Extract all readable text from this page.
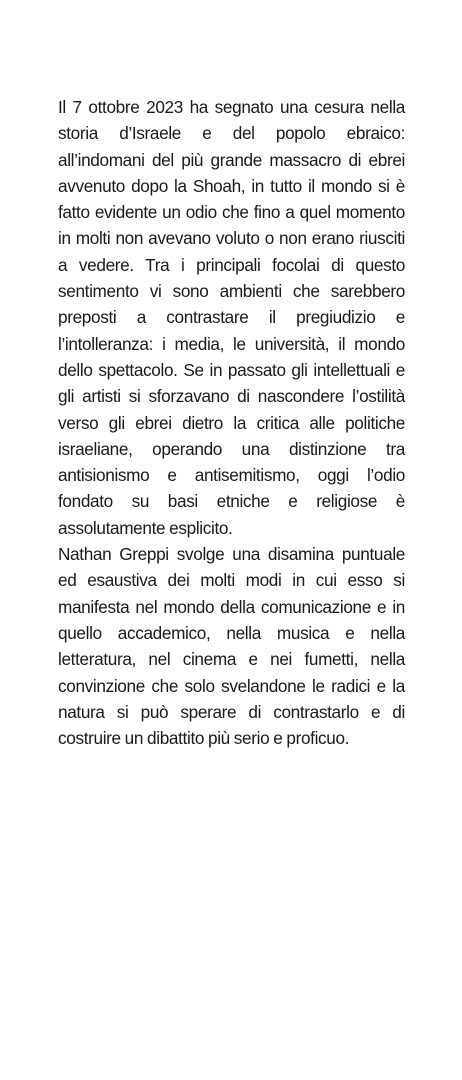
Il 7 ottobre 2023 ha segnato una cesura nella storia d’Israele e del popolo ebraico: all’indomani del più grande massacro di ebrei avvenuto dopo la Shoah, in tutto il mondo si è fatto evidente un odio che fino a quel momento in molti non avevano voluto o non erano riusciti a vedere. Tra i principali focolai di questo sentimento vi sono ambienti che sarebbero preposti a contrastare il pregiudizio e l’intolleranza: i media, le università, il mondo dello spettacolo. Se in passato gli intellettuali e gli artisti si sforzavano di nascondere l’ostilità verso gli ebrei dietro la critica alle politiche israeliane, operando una distinzione tra antisionismo e antisemitismo, oggi l’odio fondato su basi etniche e religiose è assolutamente esplicito.

Nathan Greppi svolge una disamina puntuale ed esaustiva dei molti modi in cui esso si manifesta nel mondo della comunicazione e in quello accademico, nella musica e nella letteratura, nel cinema e nei fumetti, nella convinzione che solo svelandone le radici e la natura si può sperare di contrastarlo e di costruire un dibattito più serio e proficuo.
